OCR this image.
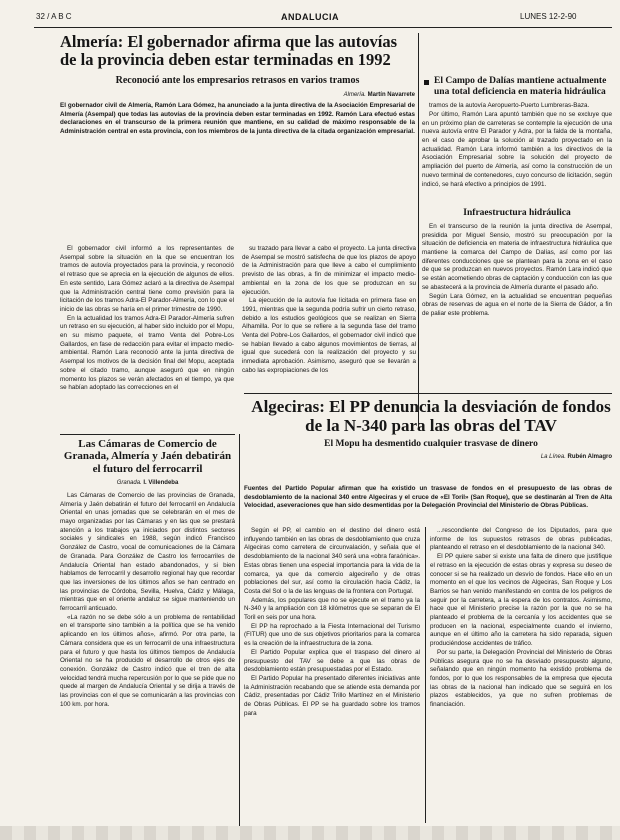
32 / A B C	ANDALUCIA	LUNES 12-2-90
Almería: El gobernador afirma que las autovías de la provincia deben estar terminadas en 1992
Reconoció ante los empresarios retrasos en varios tramos
Almería. Martín Navarrete
El gobernador civil de Almería, Ramón Lara Gómez, ha anunciado a la junta directiva de la Asociación Empresarial de Almería (Asempal) que todas las autovías de la provincia deben estar terminadas en 1992. Ramón Lara efectuó estas declaraciones en el transcurso de la primera reunión que mantiene, en su calidad de máximo responsable de la Administración central en esta provincia, con los miembros de la junta directiva de la citada organización empresarial.

El gobernador civil informó a los representantes de Asempal sobre la situación en la que se encuentran los tramos de autovía proyectados para la provincia, y reconoció el retraso que se aprecia en la ejecución de algunos de ellos. En este sentido, Lara Gómez aclaró a la directiva de Asempal que la Administración central tiene como previsión para la licitación de los tramos Adra-El Parador-Almería, con lo que el inicio de las obras se haría en el primer trimestre de 1990.

En la actualidad los tramos Adra-El Parador-Almería sufren un retraso en su ejecución, al haber sido incluido por el Mopu, en su mismo paquete, el tramo Venta del Pobre-Los Gallardos, en fase de redacción para evitar el impacto medio-ambiental. Ramón Lara reconoció ante la junta directiva de Asempal los motivos de la decisión final del Mopu, aceptada sobre el citado tramo, aunque aseguró que en ningún momento los plazos se verán afectados en el tiempo, ya que se habían adoptado las correcciones en el

su trazado para llevar a cabo el proyecto. La junta directiva de Asempal se mostró satisfecha de que los plazos de apoyo de la Administración para que lleve a cabo el cumplimiento previsto de las obras, a fin de minimizar el impacto medio-ambiental en la zona de los que se produzcan en su ejecución.

La ejecución de la autovía fue licitada en primera fase en 1991, mientras que la segunda podría sufrir un cierto retraso, debido a los estudios geológicos que se realizan en Sierra Alhamilla. Por lo que se refiere a la segunda fase del tramo Venta del Pobre-Los Gallardos, el gobernador civil indicó que se habían llevado a cabo algunos movimientos de tierras, al igual que sucederá con la realización del proyecto y su inmediata aprobación. Asimismo, aseguró que se llevarán a cabo las expropiaciones de los

Las Cámaras de Comercio de Granada, Almería y Jaén debatirán el futuro del ferrocarril
Granada. I. Villendeba

Las Cámaras de Comercio de las provincias de Granada, Almería y Jaén debatirán el futuro del ferrocarril en Andalucía Oriental en unas jornadas que se celebrarán en el mes de mayo organizadas por las Cámaras y en las que se prestará atención a los trabajos ya iniciados por distintos sectores sociales y sindicales en 1988, según indicó Francisco González de Castro, vocal de comunicaciones de la Cámara de Granada. Para González de Castro los ferrocarriles de Andalucía Oriental han estado abandonados, y si bien hablamos de ferrocarril y desarrollo regional hay que recordar que las inversiones de los últimos años se han centrado en las provincias de Córdoba, Sevilla, Huelva, Cádiz y Málaga, mientras que en el oriente andaluz se sigue manteniendo un ferrocarril anticuado.

«La razón no se debe sólo a un problema de rentabilidad en el transporte sino también a la política que se ha venido aplicando en los últimos años», afirmó. Por otra parte, la Cámara considera que es un ferrocarril de una infraestructura para el futuro y que hasta los últimos tiempos de Andalucía Oriental no se ha producido el desarrollo de otros ejes de conexión. González de Castro indicó que el tren de alta velocidad tendrá mucha repercusión por lo que se pide que no quede al margen de Andalucía Oriental y se dirija a través de las provincias con el que se comunicarán a las provincias con 100 km. por hora.

El Campo de Dalías mantiene actualmente una total deficiencia en materia hidráulica

tramos de la autovía Aeropuerto-Puerto Lumbreras-Baza.

Por último, Ramón Lara apuntó también que no se excluye que en un próximo plan de carreteras se contemple la ejecución de una nueva autovía entre El Parador y Adra, por la falda de la montaña, en el caso de aprobar la solución al trazado proyectado en la actualidad. Ramón Lara informó también a los directivos de la Asociación Empresarial sobre la solución del proyecto de ampliación del puerto de Almería, así como la construcción de un nuevo terminal de contenedores, cuyo concurso de licitación, según indicó, se hará efectivo a principios de 1991.

Infraestructura hidráulica

En el transcurso de la reunión la junta directiva de Asempal, presidida por Miguel Sensio, mostró su preocupación por la situación de deficiencia en materia de infraestructura hidráulica que mantiene la comarca del Campo de Dalías, así como por las diferentes conducciones que se plantean para la zona en el caso de que se produzcan en nuevos proyectos. Ramón Lara indicó que se están acometiendo obras de captación y conducción con las que se abastecerá a la provincia de Almería durante el pasado año.

Según Lara Gómez, en la actualidad se encuentran pequeñas obras de reservas de agua en el norte de la Sierra de Gádor, a fin de paliar este problema.

Algeciras: El PP denuncia la desviación de fondos de la N-340 para las obras del TAV
El Mopu ha desmentido cualquier trasvase de dinero
La Línea. Rubén Almagro
Fuentes del Partido Popular afirman que ha existido un trasvase de fondos en el presupuesto de las obras de desdoblamiento de la nacional 340 entre Algeciras y el cruce de «El Toril» (San Roque), que se destinarán al Tren de Alta Velocidad, aseveraciones que han sido desmentidas por la Delegación Provincial del Ministerio de Obras Públicas.

Según el PP, el cambio en el destino del dinero está influyendo también en las obras de desdoblamiento que cruza Algeciras como carretera de circunvalación, y señala que el desdoblamiento de la nacional 340 será una «obra faraónica». Estas obras tienen una especial importancia para la vida de la comarca, ya que da comercio algecireño y de otras poblaciones del sur, así como la circulación hacia Cádiz, la Costa del Sol o la de las lenguas de la frontera con Portugal.

Además, los populares que no se ejecute en el tramo ya la N-340 y la ampliación con 18 kilómetros que se separan de El Toril en seis por una hora.

El PP ha reprochado a la Fiesta Internacional del Turismo (FITUR) que uno de sus objetivos prioritarios para la comarca es la creación de la infraestructura de la zona.

El Partido Popular explica que el traspaso del dinero al presupuesto del TAV se debe a que las obras de desdoblamiento están presupuestadas por el Estado.

El Partido Popular ha presentado diferentes iniciativas ante la Administración recabando que se atiende esta demanda por Cádiz, presentadas por Cádiz Trillo Martínez en el Ministerio de Obras Públicas. El PP se ha guardado sobre los tramos para

...rescondiente del Congreso de los Diputados, para que informe de los supuestos retrasos de obras publicadas, planteando el retraso en el desdoblamiento de la nacional 340.

El PP quiere saber si existe una falta de dinero que justifique el retraso en la ejecución de estas obras y expresa su deseo de conocer si se ha realizado un desvío de fondos. Hace ello en un momento en el que los vecinos de Algeciras, San Roque y Los Barrios se han venido manifestando en contra de los peligros de seguir por la carretera, a la espera de los contratos. Asimismo, hace que el Ministerio precise la razón por la que no se ha planteado el problema de la cercanía y los accidentes que se producen en la nacional, especialmente cuando el invierno, aunque en el último año la carretera ha sido reparada, siguen produciéndose accidentes de tráfico.

Por su parte, la Delegación Provincial del Ministerio de Obras Públicas asegura que no se ha desviado presupuesto alguno, señalando que en ningún momento ha existido problema de fondos, por lo que los responsables de la empresa que ejecuta las obras de la nacional han indicado que se seguirá en los plazos establecidos, ya que no sufren problemas de financiación.
